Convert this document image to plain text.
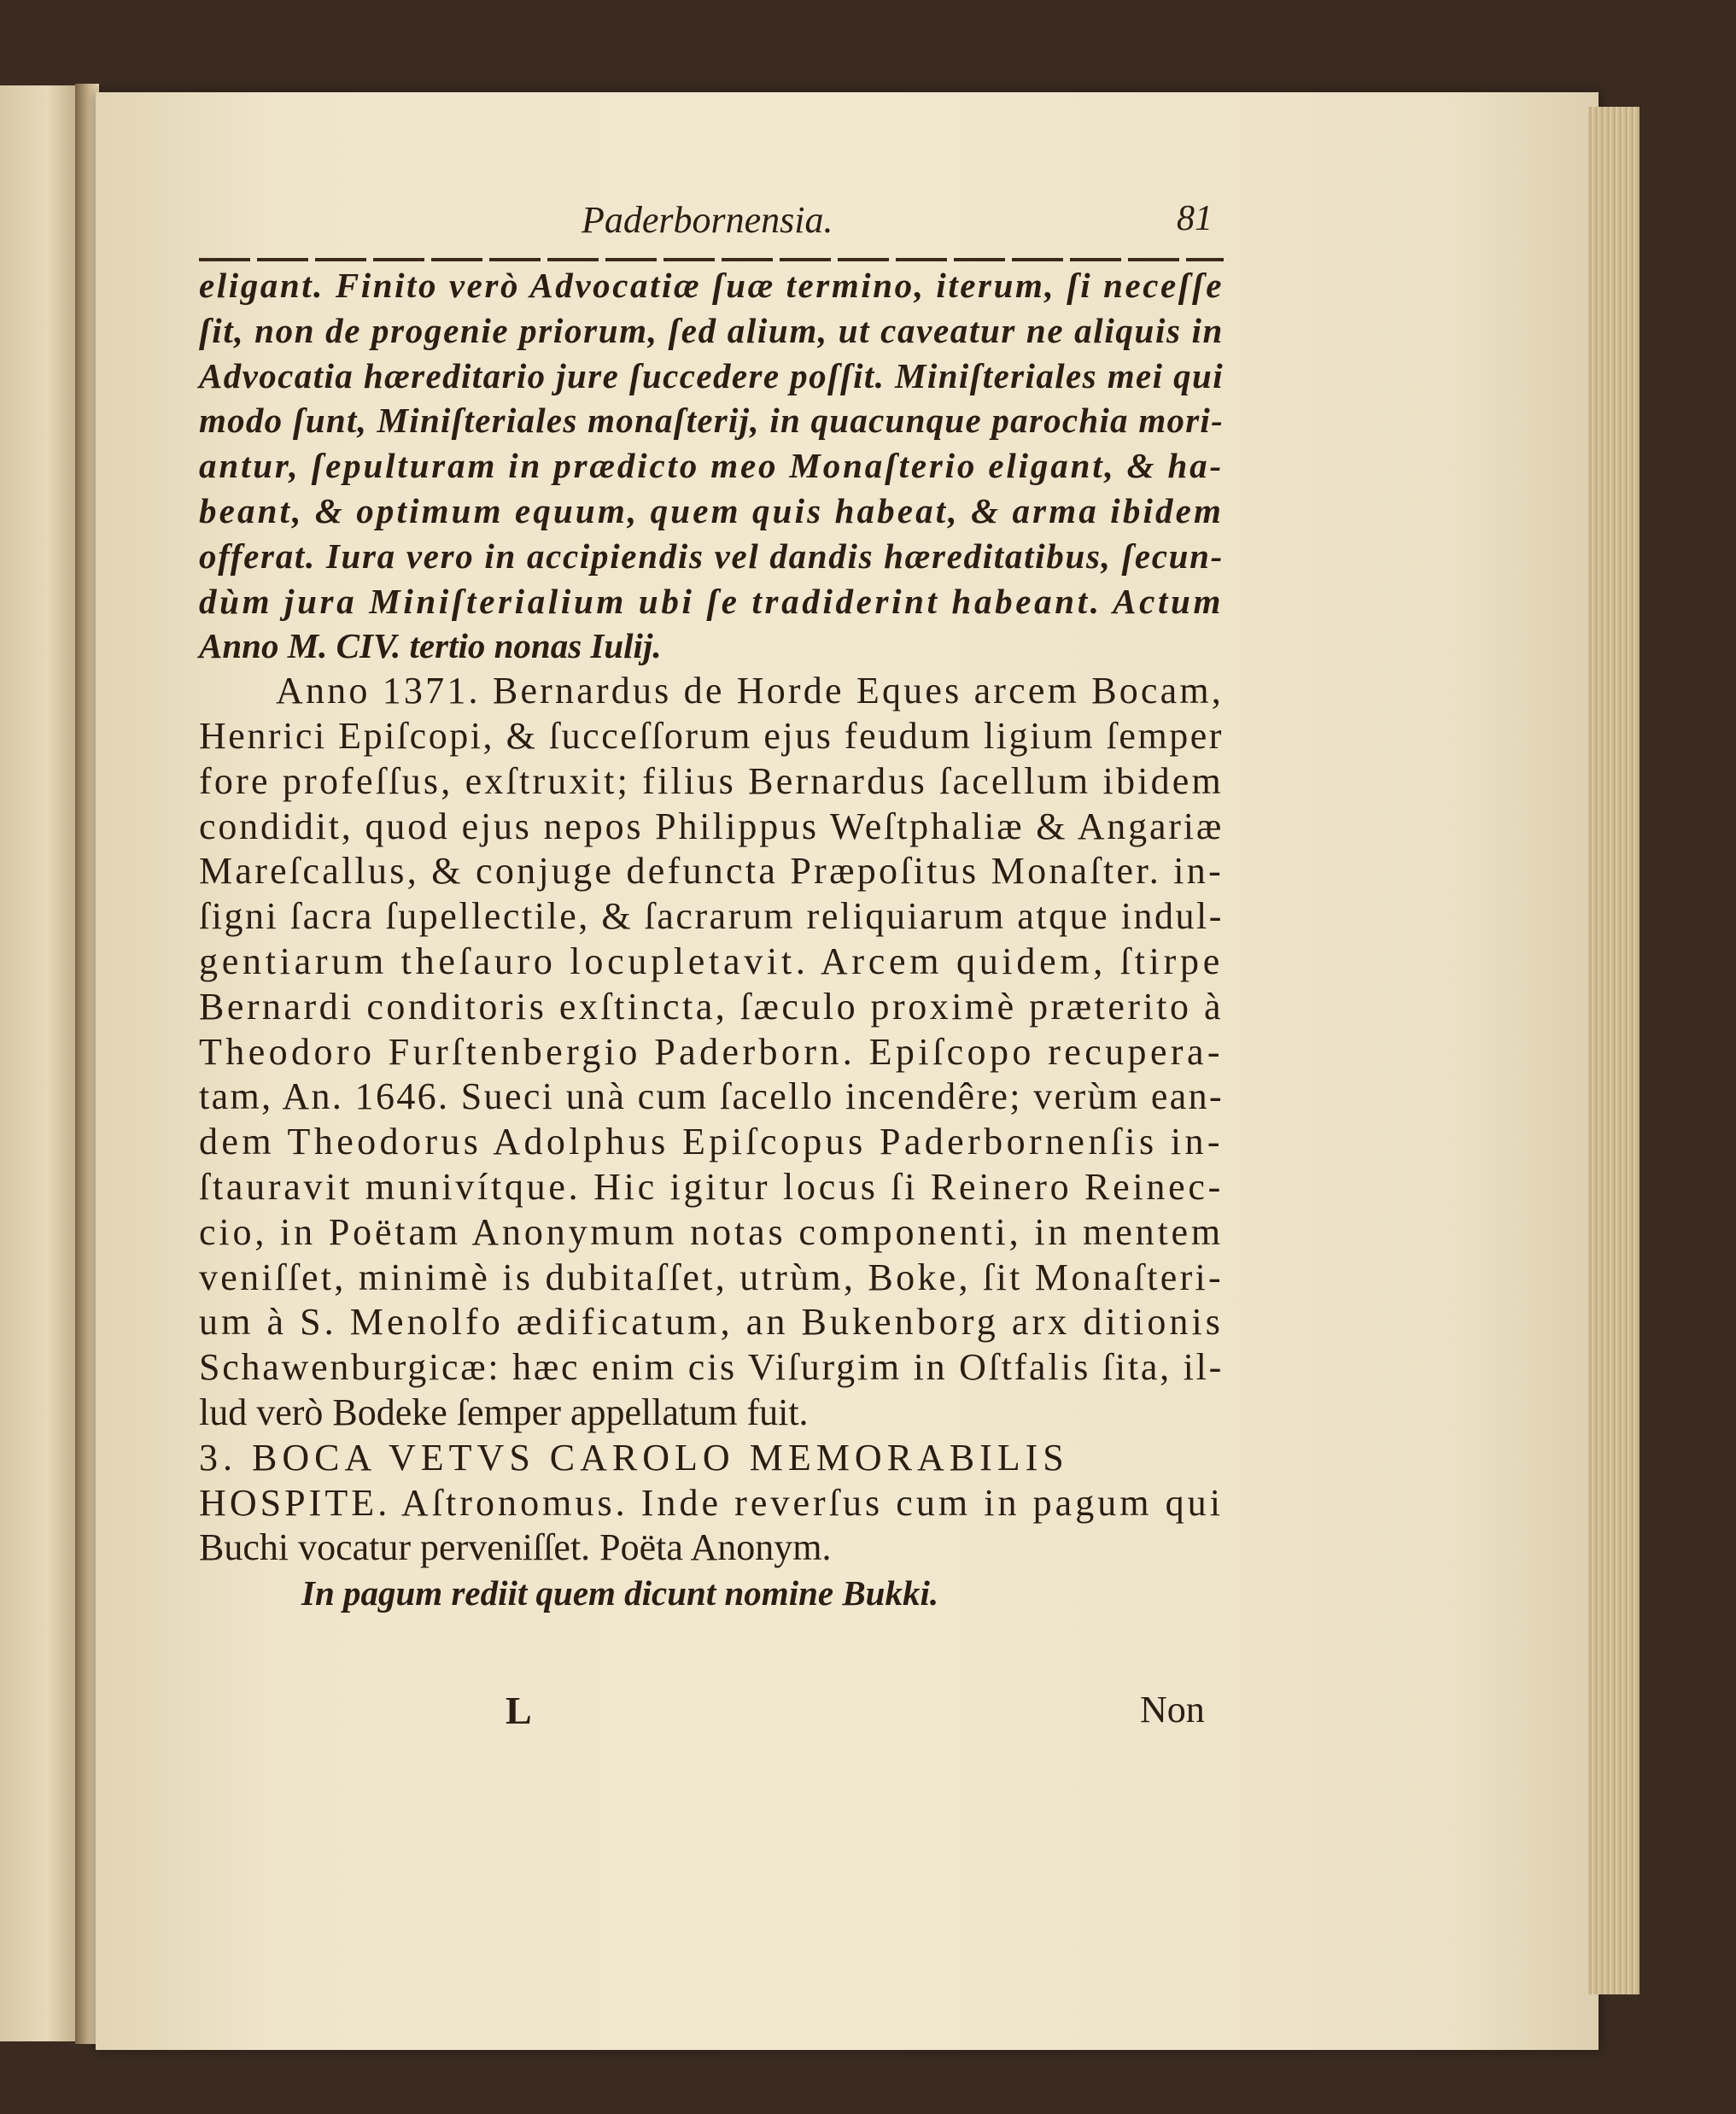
Paderbornensia.	81
eligant. Finito verò Advocatiæ ſuæ termino, iterum, ſi neceſſe
ſit, non de progenie priorum, ſed alium, ut caveatur ne aliquis in
Advocatia hæreditario jure ſuccedere poſſit. Miniſteriales mei qui
modo ſunt, Miniſteriales monaſterij, in quacunque parochia mori-
antur, ſepulturam in prædicto meo Monaſterio eligant, & ha-
beant, & optimum equum, quem quis habeat, & arma ibidem
offerat. Iura vero in accipiendis vel dandis hæreditatibus, ſecun-
dùm jura Miniſterialium ubi ſe tradiderint habeant. Actum
Anno M. CIV. tertio nonas Iulij.
Anno 1371. Bernardus de Horde Eques arcem Bocam,
Henrici Epiſcopi, & ſucceſſorum ejus feudum ligium ſemper
fore profeſſus, exſtruxit; filius Bernardus ſacellum ibidem
condidit, quod ejus nepos Philippus Weſtphaliæ & Angariæ
Mareſcallus, & conjuge defuncta Præpoſitus Monaſter. in-
ſigni ſacra ſupellectile, & ſacrarum reliquiarum atque indul-
gentiarum theſauro locupletavit. Arcem quidem, ſtirpe
Bernardi conditoris exſtincta, ſæculo proximè præterito à
Theodoro Furſtenbergio Paderborn. Epiſcopo recupera-
tam, An. 1646. Sueci unà cum ſacello incendêre; verùm ean-
dem Theodorus Adolphus Epiſcopus Paderbornenſis in-
ſtauravit munivítque. Hic igitur locus ſi Reinero Reinec-
cio, in Poëtam Anonymum notas componenti, in mentem
veniſſet, minimè is dubitaſſet, utrùm, Boke, ſit Monaſteri-
um à S. Menolfo ædificatum, an Bukenborg arx ditionis
Schawenburgicæ: hæc enim cis Viſurgim in Oſtfalis ſita, il-
lud verò Bodeke ſemper appellatum fuit.
3. BOCA VETVS CAROLO MEMORABILIS
HOSPITE. Aſtronomus. Inde reverſus cum in pagum qui
Buchi vocatur perveniſſet. Poëta Anonym.
In pagum rediit quem dicunt nomine Bukki.
L	Non
